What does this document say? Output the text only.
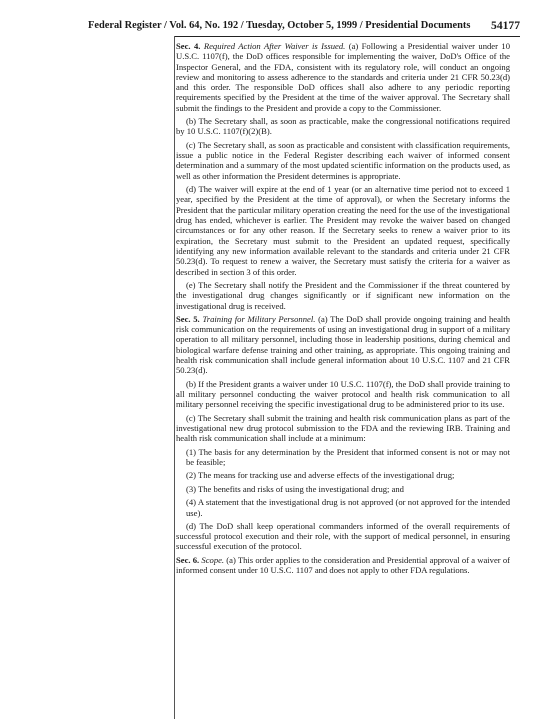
Federal Register / Vol. 64, No. 192 / Tuesday, October 5, 1999 / Presidential Documents 54177

Sec. 4. Required Action After Waiver is Issued. (a) Following a Presidential waiver under 10 U.S.C. 1107(f), the DoD offices responsible for implementing the waiver, DoD's Office of the Inspector General, and the FDA, consistent with its regulatory role, will conduct an ongoing review and monitoring to assess adherence to the standards and criteria under 21 CFR 50.23(d) and this order. The responsible DoD offices shall also adhere to any periodic reporting requirements specified by the President at the time of the waiver approval. The Secretary shall submit the findings to the President and provide a copy to the Commissioner.

(b) The Secretary shall, as soon as practicable, make the congressional notifications required by 10 U.S.C. 1107(f)(2)(B).

(c) The Secretary shall, as soon as practicable and consistent with classification requirements, issue a public notice in the Federal Register describing each waiver of informed consent determination and a summary of the most updated scientific information on the products used, as well as other information the President determines is appropriate.

(d) The waiver will expire at the end of 1 year (or an alternative time period not to exceed 1 year, specified by the President at the time of approval), or when the Secretary informs the President that the particular military operation creating the need for the use of the investigational drug has ended, whichever is earlier. The President may revoke the waiver based on changed circumstances or for any other reason. If the Secretary seeks to renew a waiver prior to its expiration, the Secretary must submit to the President an updated request, specifically identifying any new information available relevant to the standards and criteria under 21 CFR 50.23(d). To request to renew a waiver, the Secretary must satisfy the criteria for a waiver as described in section 3 of this order.

(e) The Secretary shall notify the President and the Commissioner if the threat countered by the investigational drug changes significantly or if significant new information on the investigational drug is received.

Sec. 5. Training for Military Personnel. (a) The DoD shall provide ongoing training and health risk communication on the requirements of using an investigational drug in support of a military operation to all military personnel, including those in leadership positions, during chemical and biological warfare defense training and other training, as appropriate. This ongoing training and health risk communication shall include general information about 10 U.S.C. 1107 and 21 CFR 50.23(d).

(b) If the President grants a waiver under 10 U.S.C. 1107(f), the DoD shall provide training to all military personnel conducting the waiver protocol and health risk communication to all military personnel receiving the specific investigational drug to be administered prior to its use.

(c) The Secretary shall submit the training and health risk communication plans as part of the investigational new drug protocol submission to the FDA and the reviewing IRB. Training and health risk communication shall include at a minimum:

(1) The basis for any determination by the President that informed consent is not or may not be feasible;

(2) The means for tracking use and adverse effects of the investigational drug;

(3) The benefits and risks of using the investigational drug; and

(4) A statement that the investigational drug is not approved (or not approved for the intended use).

(d) The DoD shall keep operational commanders informed of the overall requirements of successful protocol execution and their role, with the support of medical personnel, in ensuring successful execution of the protocol.

Sec. 6. Scope. (a) This order applies to the consideration and Presidential approval of a waiver of informed consent under 10 U.S.C. 1107 and does not apply to other FDA regulations.
